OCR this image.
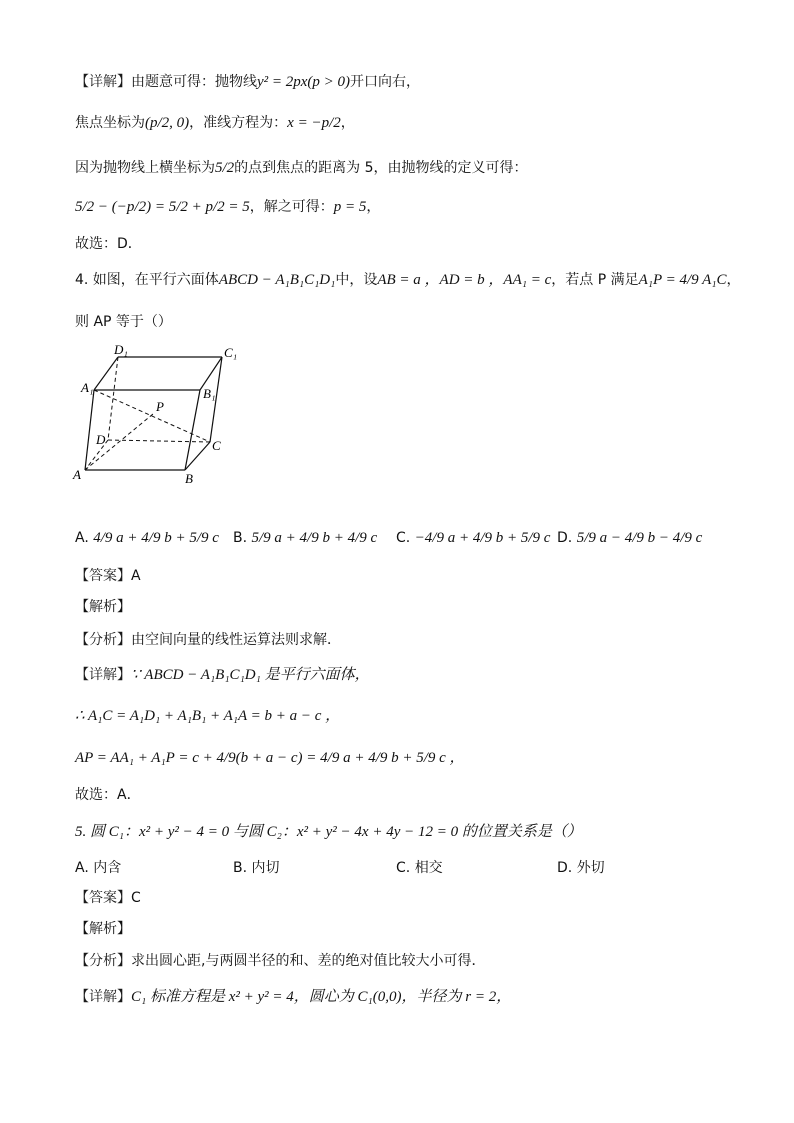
【详解】由题意可得：抛物线y² = 2px(p > 0)开口向右，
焦点坐标为(p/2, 0)，准线方程为：x = −p/2，
因为抛物线上横坐标为5/2的点到焦点的距离为 5，由抛物线的定义可得：
5/2 − (−p/2) = 5/2 + p/2 = 5，解之可得：p = 5，
故选：D．
4. 如图，在平行六面体ABCD − A₁B₁C₁D₁中，设AB = a ，AD = b ，AA₁ = c，若点 P 满足A₁P = 4/9 A₁C，
则 AP 等于（）
D₁	C₁
A₁	B₁
P
D	C
A	B
A. 4/9 a + 4/9 b + 5/9 c B. 5/9 a + 4/9 b + 4/9 c C. −4/9 a + 4/9 b + 5/9 c D. 5/9 a − 4/9 b − 4/9 c
【答案】A
【解析】
【分析】由空间向量的线性运算法则求解．
【详解】∵ ABCD − A₁B₁C₁D₁ 是平行六面体，
∴ A₁C = A₁D₁ + A₁B₁ + A₁A = b + a − c ，
AP = AA₁ + A₁P = c + 4/9(b + a − c) = 4/9 a + 4/9 b + 5/9 c ，
故选：A．
5. 圆 C₁：x² + y² − 4 = 0 与圆 C₂：x² + y² − 4x + 4y − 12 = 0 的位置关系是（）
A. 内含	B. 内切	C. 相交	D. 外切
【答案】C
【解析】
【分析】求出圆心距,与两圆半径的和、差的绝对值比较大小可得．
【详解】C₁ 标准方程是 x² + y² = 4，圆心为 C₁(0,0)，半径为 r = 2，
